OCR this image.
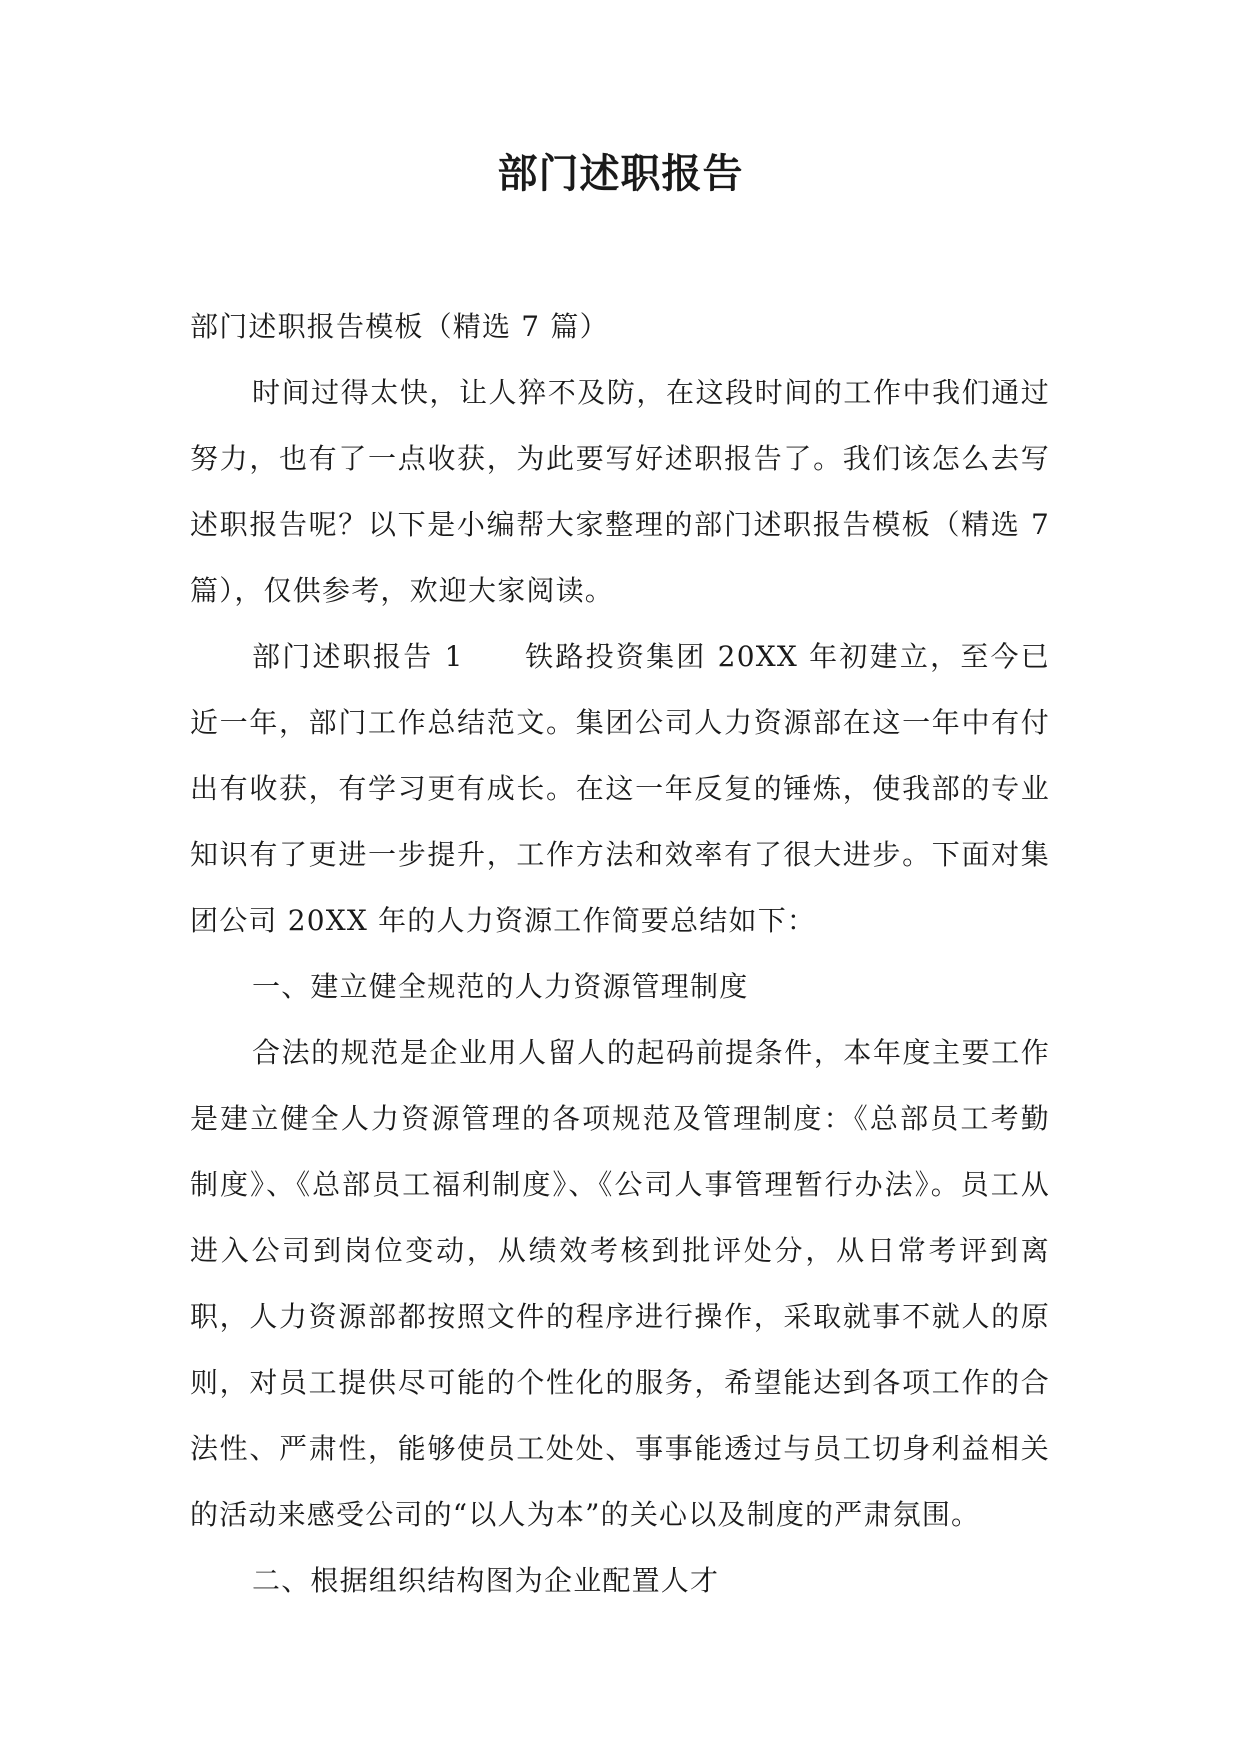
部门述职报告

部门述职报告模板（精选 7 篇）

时间过得太快，让人猝不及防，在这段时间的工作中我们通过努力，也有了一点收获，为此要写好述职报告了。我们该怎么去写述职报告呢？以下是小编帮大家整理的部门述职报告模板（精选 7 篇），仅供参考，欢迎大家阅读。

部门述职报告 1　　铁路投资集团 20XX 年初建立，至今已近一年，部门工作总结范文。集团公司人力资源部在这一年中有付出有收获，有学习更有成长。在这一年反复的锤炼，使我部的专业知识有了更进一步提升，工作方法和效率有了很大进步。下面对集团公司 20XX 年的人力资源工作简要总结如下：

一、建立健全规范的人力资源管理制度

合法的规范是企业用人留人的起码前提条件，本年度主要工作是建立健全人力资源管理的各项规范及管理制度：《总部员工考勤制度》、《总部员工福利制度》、《公司人事管理暂行办法》。员工从进入公司到岗位变动，从绩效考核到批评处分，从日常考评到离职，人力资源部都按照文件的程序进行操作，采取就事不就人的原则，对员工提供尽可能的个性化的服务，希望能达到各项工作的合法性、严肃性，能够使员工处处、事事能透过与员工切身利益相关的活动来感受公司的“以人为本”的关心以及制度的严肃氛围。

二、根据组织结构图为企业配置人才
